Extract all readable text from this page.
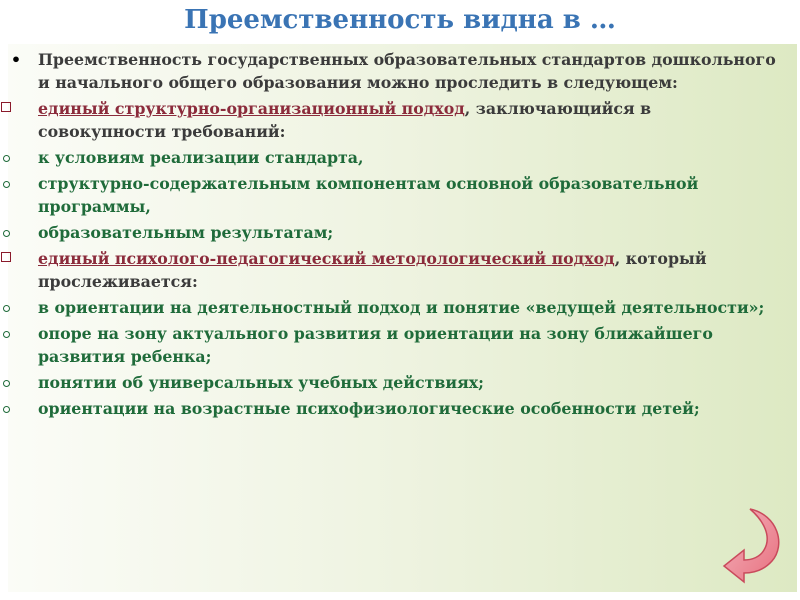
Преемственность видна в …
•	Преемственность государственных образовательных стандартов дошкольного и начального общего образования можно проследить в следующем:
единый структурно-организационный подход, заключающийся в совокупности требований:
к условиям реализации стандарта,
структурно-содержательным компонентам основной образовательной программы,
образовательным результатам;
единый психолого-педагогический методологический подход, который прослеживается:
в ориентации на деятельностный подход и понятие «ведущей деятельности»;
опоре на зону актуального развития и ориентации на зону ближайшего развития ребенка;
понятии об универсальных учебных действиях;
ориентации на возрастные психофизиологические особенности детей;
